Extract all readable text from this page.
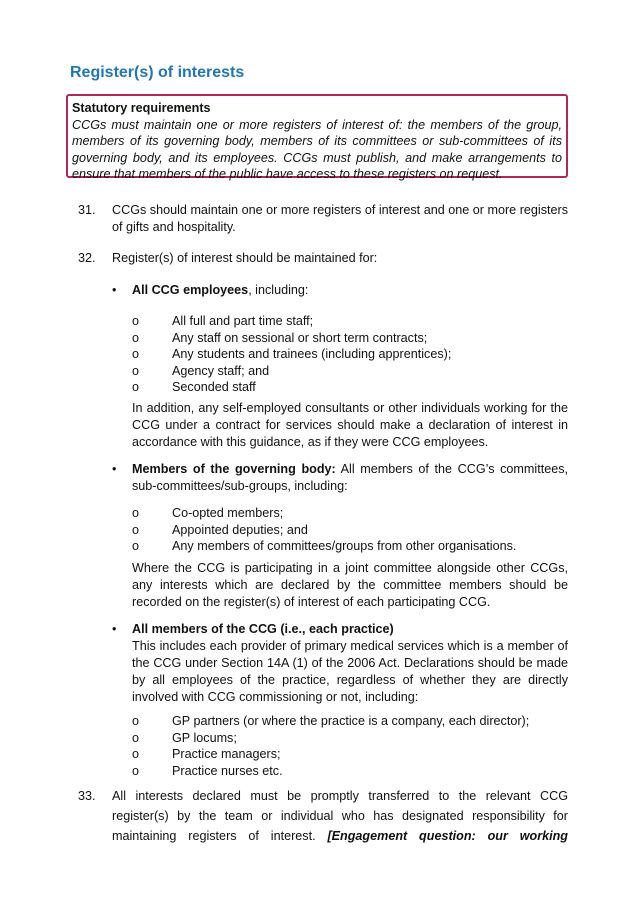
Register(s) of interests
Statutory requirements
CCGs must maintain one or more registers of interest of: the members of the group, members of its governing body, members of its committees or sub-committees of its governing body, and its employees. CCGs must publish, and make arrangements to ensure that members of the public have access to these registers on request.
31.	CCGs should maintain one or more registers of interest and one or more registers of gifts and hospitality.
32.	Register(s) of interest should be maintained for:
•	All CCG employees, including:
o	All full and part time staff;
o	Any staff on sessional or short term contracts;
o	Any students and trainees (including apprentices);
o	Agency staff; and
o	Seconded staff
In addition, any self-employed consultants or other individuals working for the CCG under a contract for services should make a declaration of interest in accordance with this guidance, as if they were CCG employees.
•	Members of the governing body: All members of the CCG’s committees, sub-committees/sub-groups, including:
o	Co-opted members;
o	Appointed deputies; and
o	Any members of committees/groups from other organisations.
Where the CCG is participating in a joint committee alongside other CCGs, any interests which are declared by the committee members should be recorded on the register(s) of interest of each participating CCG.
•	All members of the CCG (i.e., each practice)
This includes each provider of primary medical services which is a member of the CCG under Section 14A (1) of the 2006 Act. Declarations should be made by all employees of the practice, regardless of whether they are directly involved with CCG commissioning or not, including:
o	GP partners (or where the practice is a company, each director);
o	GP locums;
o	Practice managers;
o	Practice nurses etc.
33.	All interests declared must be promptly transferred to the relevant CCG register(s) by the team or individual who has designated responsibility for maintaining registers of interest. [Engagement question: our working
